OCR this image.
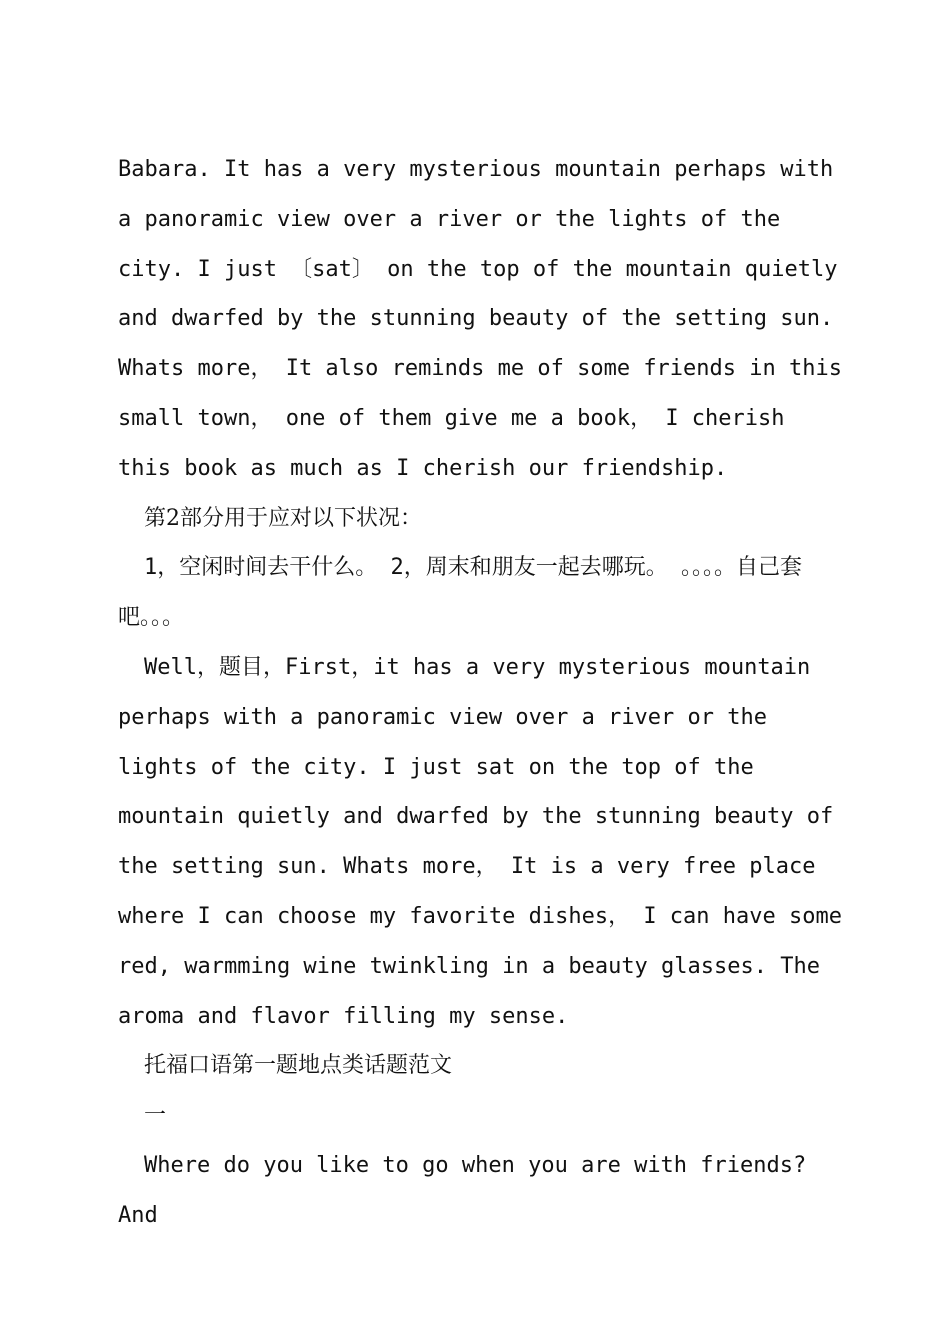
Babara. It has a very mysterious mountain perhaps with a panoramic view over a river or the lights of the city. I just 〔sat〕 on the top of the mountain quietly and dwarfed by the stunning beauty of the setting sun. Whats more， It also reminds me of some friends in this small town， one of them give me a book， I cherish this book as much as I cherish our friendship.

第2部分用于应对以下状况：

1，空闲时间去干什么。 2，周末和朋友一起去哪玩。 。。。。自己套吧。。。

Well，题目，First，it has a very mysterious mountain perhaps with a panoramic view over a river or the lights of the city. I just sat on the top of the mountain quietly and dwarfed by the stunning beauty of the setting sun. Whats more， It is a very free place where I can choose my favorite dishes， I can have some red, warmming wine twinkling in a beauty glasses. The aroma and flavor filling my sense.

托福口语第一题地点类话题范文

一

Where do you like to go when you are with friends? And
